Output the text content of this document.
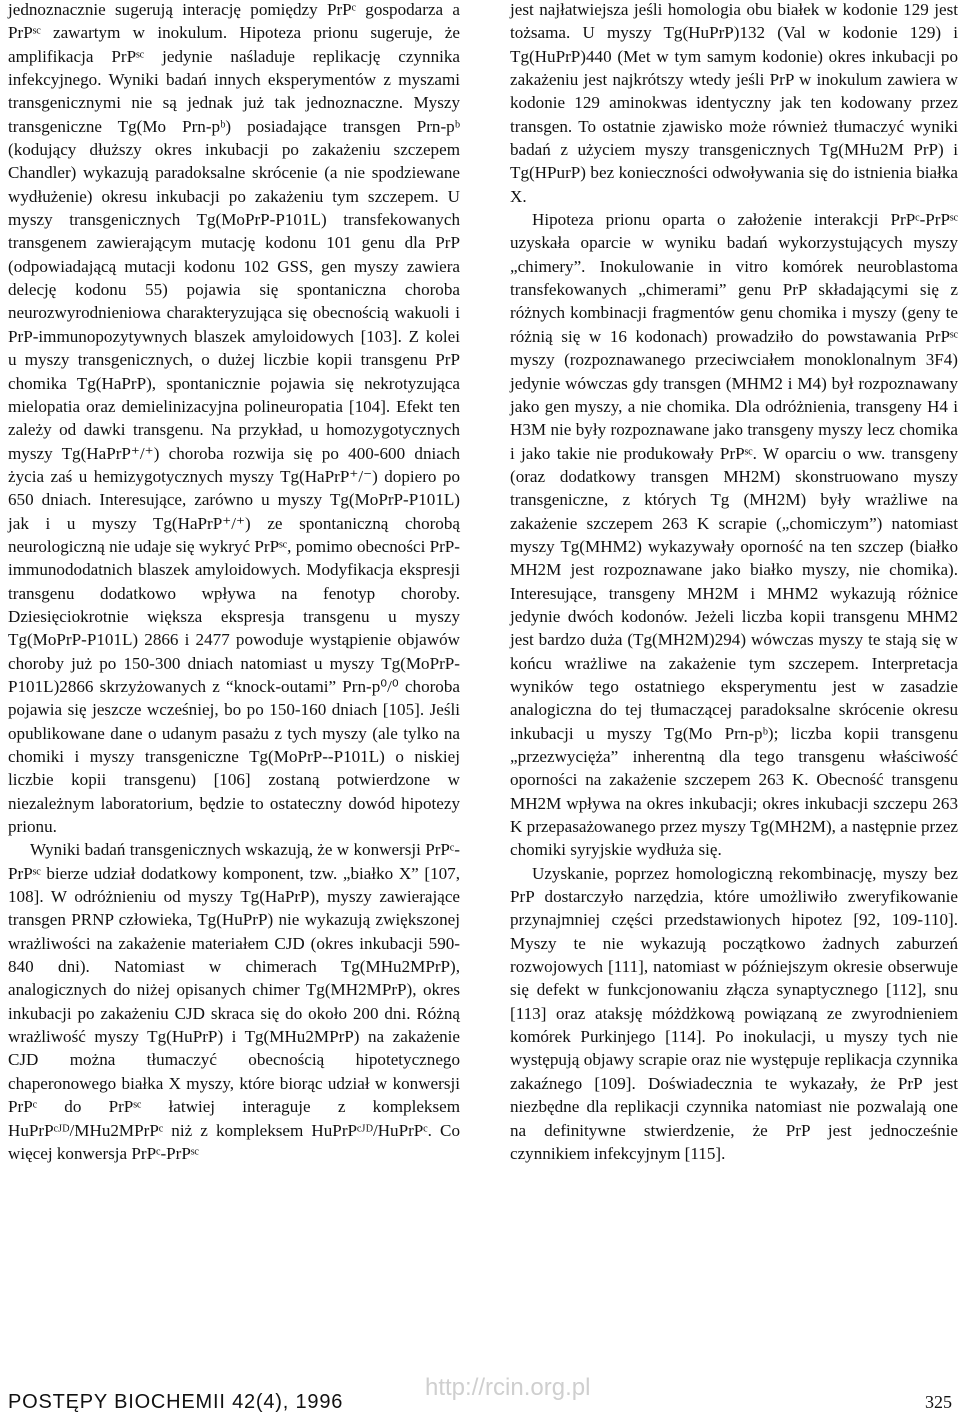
jednoznacznie sugerują interację pomiędzy PrPᶜ gospodarza a PrPˢᶜ zawartym w inokulum. Hipoteza prionu sugeruje, że amplifikacja PrPˢᶜ jedynie naśladuje replikację czynnika infekcyjnego. Wyniki badań innych eksperymentów z myszami transgenicznymi nie są jednak już tak jednoznaczne. Myszy transgeniczne Tg(Mo Prn-pᵇ) posiadające transgen Prn-pᵇ (kodujący dłuższy okres inkubacji po zakażeniu szczepem Chandler) wykazują paradoksalne skrócenie (a nie spodziewane wydłużenie) okresu inkubacji po zakażeniu tym szczepem. U myszy transgenicznych Tg(MoPrP-P101L) transfekowanych transgenem zawierającym mutację kodonu 101 genu dla PrP (odpowiadającą mutacji kodonu 102 GSS, gen myszy zawiera delecję kodonu 55) pojawia się spontaniczna choroba neurozwyrodnieniowa charakteryzująca się obecnością wakuoli i PrP-immunopozytywnych blaszek amyloidowych [103]. Z kolei u myszy transgenicznych, o dużej liczbie kopii transgenu PrP chomika Tg(HaPrP), spontanicznie pojawia się nekrotyzująca mielopatia oraz demielinizacyjna polineuropatia [104]. Efekt ten zależy od dawki transgenu. Na przykład, u homozygotycznych myszy Tg(HaPrP⁺/⁺) choroba rozwija się po 400-600 dniach życia zaś u hemizygotycznych myszy Tg(HaPrP⁺/⁻) dopiero po 650 dniach. Interesujące, zarówno u myszy Tg(MoPrP-P101L) jak i u myszy Tg(HaPrP⁺/⁺) ze spontaniczną chorobą neurologiczną nie udaje się wykryć PrPˢᶜ, pomimo obecności PrP-immunododatnich blaszek amyloidowych. Modyfikacja ekspresji transgenu dodatkowo wpływa na fenotyp choroby. Dziesięciokrotnie większa ekspresja transgenu u myszy Tg(MoPrP-P101L) 2866 i 2477 powoduje wystąpienie objawów choroby już po 150-300 dniach natomiast u myszy Tg(MoPrP-P101L)2866 skrzyżowanych z “knock-outami” Prn-p⁰/⁰ choroba pojawia się jeszcze wcześniej, bo po 150-160 dniach [105]. Jeśli opublikowane dane o udanym pasażu z tych myszy (ale tylko na chomiki i myszy transgeniczne Tg(MoPrP--P101L) o niskiej liczbie kopii transgenu) [106] zostaną potwierdzone w niezależnym laboratorium, będzie to ostateczny dowód hipotezy prionu.

Wyniki badań transgenicznych wskazują, że w konwersji PrPᶜ-PrPˢᶜ bierze udział dodatkowy komponent, tzw. „białko X” [107, 108]. W odróżnieniu od myszy Tg(HaPrP), myszy zawierające transgen PRNP człowieka, Tg(HuPrP) nie wykazują zwiększonej wrażliwości na zakażenie materiałem CJD (okres inkubacji 590-840 dni). Natomiast w chimerach Tg(MHu2MPrP), analogicznych do niżej opisanych chimer Tg(MH2MPrP), okres inkubacji po zakażeniu CJD skraca się do około 200 dni. Różną wrażliwość myszy Tg(HuPrP) i Tg(MHu2MPrP) na zakażenie CJD można tłumaczyć obecnością hipotetycznego chaperonowego białka X myszy, które biorąc udział w konwersji PrPᶜ do PrPˢᶜ łatwiej interaguje z kompleksem HuPrPᶜᴶᴰ/MHu2MPrPᶜ niż z kompleksem HuPrPᶜᴶᴰ/HuPrPᶜ. Co więcej konwersja PrPᶜ-PrPˢᶜ

jest najłatwiejsza jeśli homologia obu białek w kodonie 129 jest tożsama. U myszy Tg(HuPrP)132 (Val w kodonie 129) i Tg(HuPrP)440 (Met w tym samym kodonie) okres inkubacji po zakażeniu jest najkrótszy wtedy jeśli PrP w inokulum zawiera w kodonie 129 aminokwas identyczny jak ten kodowany przez transgen. To ostatnie zjawisko może również tłumaczyć wyniki badań z użyciem myszy transgenicznych Tg(MHu2M PrP) i Tg(HPurP) bez konieczności odwoływania się do istnienia białka X.

Hipoteza prionu oparta o założenie interakcji PrPᶜ-PrPˢᶜ uzyskała oparcie w wyniku badań wykorzystujących myszy „chimery”. Inokulowanie in vitro komórek neuroblastoma transfekowanych „chimerami” genu PrP składającymi się z różnych kombinacji fragmentów genu chomika i myszy (geny te różnią się w 16 kodonach) prowadziło do powstawania PrPˢᶜ myszy (rozpoznawanego przeciwciałem monoklonalnym 3F4) jedynie wówczas gdy transgen (MHM2 i M4) był rozpoznawany jako gen myszy, a nie chomika. Dla odróżnienia, transgeny H4 i H3M nie były rozpoznawane jako transgeny myszy lecz chomika i jako takie nie produkowały PrPˢᶜ. W oparciu o ww. transgeny (oraz dodatkowy transgen MH2M) skonstruowano myszy transgeniczne, z których Tg (MH2M) były wrażliwe na zakażenie szczepem 263 K scrapie („chomiczym”) natomiast myszy Tg(MHM2) wykazywały oporność na ten szczep (białko MH2M jest rozpoznawane jako białko myszy, nie chomika). Interesujące, transgeny MH2M i MHM2 wykazują różnice jedynie dwóch kodonów. Jeżeli liczba kopii transgenu MHM2 jest bardzo duża (Tg(MH2M)294) wówczas myszy te stają się w końcu wrażliwe na zakażenie tym szczepem. Interpretacja wyników tego ostatniego eksperymentu jest w zasadzie analogiczna do tej tłumaczącej paradoksalne skrócenie okresu inkubacji u myszy Tg(Mo Prn-pᵇ); liczba kopii transgenu „przezwycięża” inherentną dla tego transgenu właściwość oporności na zakażenie szczepem 263 K. Obecność transgenu MH2M wpływa na okres inkubacji; okres inkubacji szczepu 263 K przepasażowanego przez myszy Tg(MH2M), a następnie przez chomiki syryjskie wydłuża się.

Uzyskanie, poprzez homologiczną rekombinację, myszy bez PrP dostarczyło narzędzia, które umożliwiło zweryfikowanie przynajmniej części przedstawionych hipotez [92, 109-110]. Myszy te nie wykazują początkowo żadnych zaburzeń rozwojowych [111], natomiast w późniejszym okresie obserwuje się defekt w funkcjonowaniu złącza synaptycznego [112], snu [113] oraz ataksję móżdżkową powiązaną ze zwyrodnieniem komórek Purkinjego [114]. Po inokulacji, u myszy tych nie występują objawy scrapie oraz nie występuje replikacja czynnika zakaźnego [109]. Doświadecznia te wykazały, że PrP jest niezbędne dla replikacji czynnika natomiast nie pozwalają one na definitywne stwierdzenie, że PrP jest jednocześnie czynnikiem infekcyjnym [115].

POSTĘPY BIOCHEMII 42(4), 1996
http://rcin.org.pl
325
